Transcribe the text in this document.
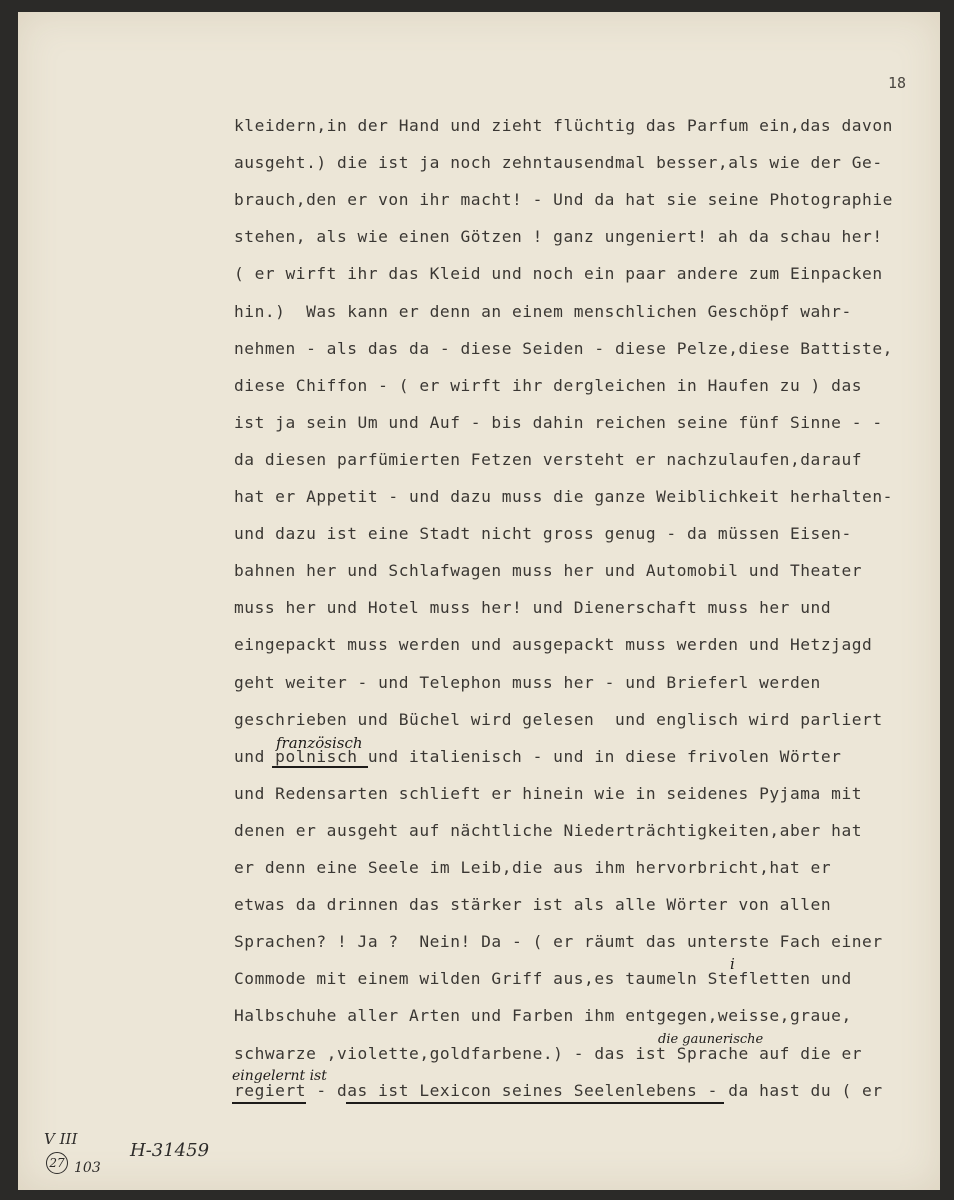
18
kleidern,in der Hand und zieht flüchtig das Parfum ein,das davon
ausgeht.) die ist ja noch zehntausendmal besser,als wie der Ge-
brauch,den er von ihr macht! - Und da hat sie seine Photographie
stehen, als wie einen Götzen ! ganz ungeniert! ah da schau her!
( er wirft ihr das Kleid und noch ein paar andere zum Einpacken
hin.)  Was kann er denn an einem menschlichen Geschöpf wahr-
nehmen - als das da - diese Seiden - diese Pelze,diese Battiste,
diese Chiffon - ( er wirft ihr dergleichen in Haufen zu ) das
ist ja sein Um und Auf - bis dahin reichen seine fünf Sinne - -
da diesen parfümierten Fetzen versteht er nachzulaufen,darauf
hat er Appetit - und dazu muss die ganze Weiblichkeit herhalten-
und dazu ist eine Stadt nicht gross genug - da müssen Eisen-
bahnen her und Schlafwagen muss her und Automobil und Theater
muss her und Hotel muss her! und Dienerschaft muss her und
eingepackt muss werden und ausgepackt muss werden und Hetzjagd
geht weiter - und Telephon muss her - und Brieferl werden
geschrieben und Büchel wird gelesen  und englisch wird parliert
und polnisch und italienisch - und in diese frivolen Wörter
und Redensarten schlieft er hinein wie in seidenes Pyjama mit
denen er ausgeht auf nächtliche Niederträchtigkeiten,aber hat
er denn eine Seele im Leib,die aus ihm hervorbricht,hat er
etwas da drinnen das stärker ist als alle Wörter von allen
Sprachen? ! Ja ?  Nein! Da - ( er räumt das unterste Fach einer
Commode mit einem wilden Griff aus,es taumeln Stefletten und
Halbschuhe aller Arten und Farben ihm entgegen,weisse,graue,
schwarze ,violette,goldfarbene.) - das ist Sprache auf die er
regiert - das ist Lexicon seines Seelenlebens - da hast du ( er
französisch
die gaunerische
i
eingelernt ist
V III
27 103
H-31459
